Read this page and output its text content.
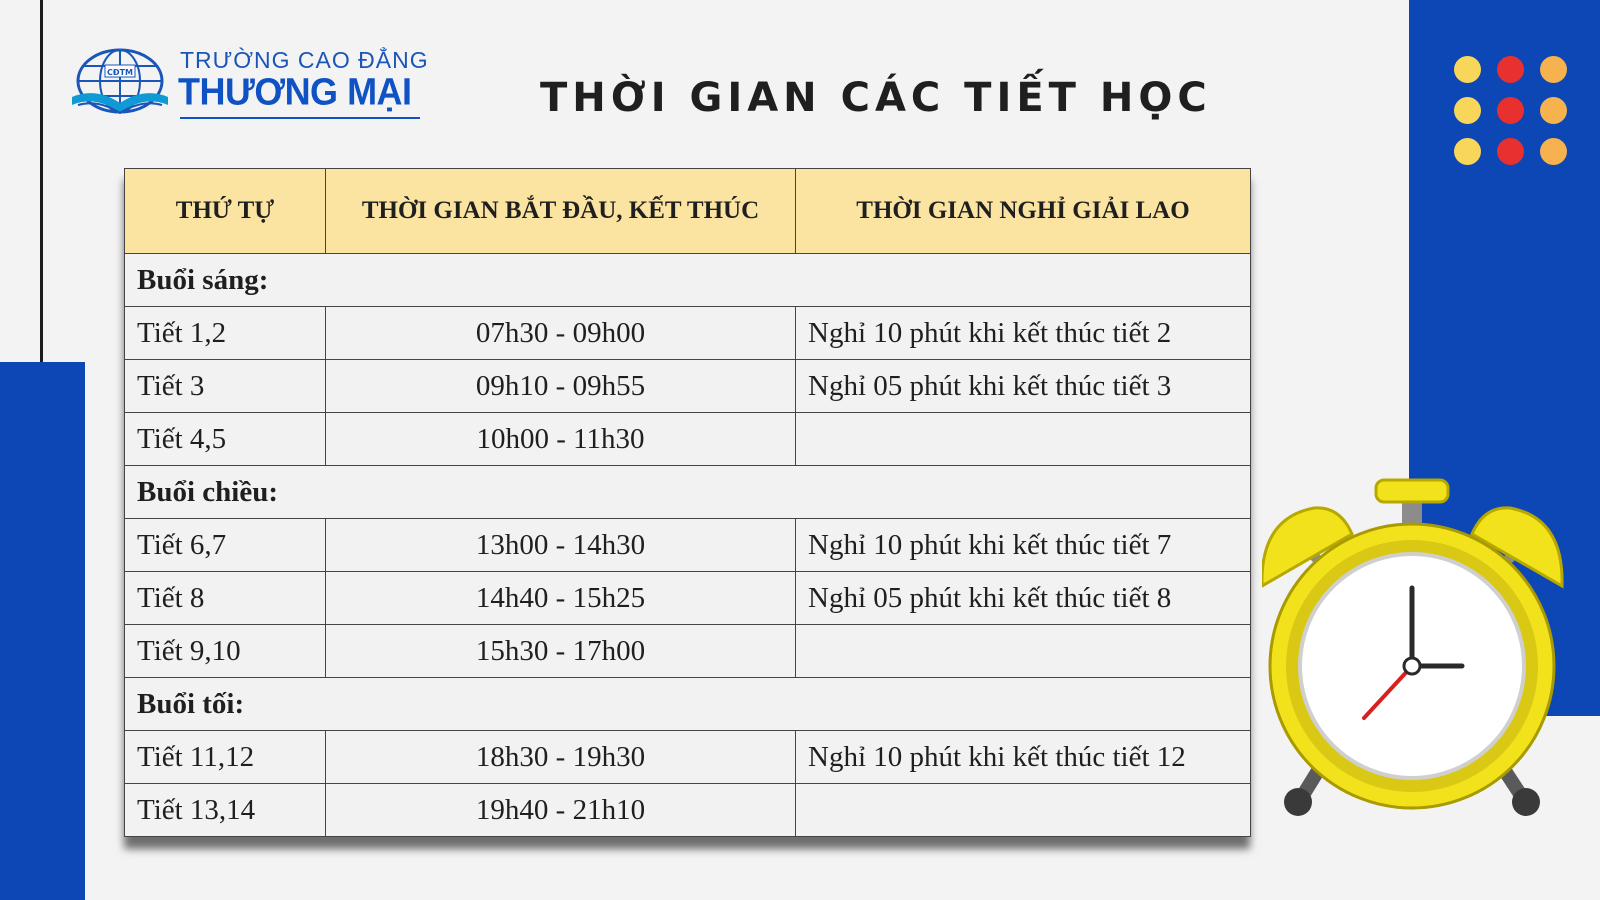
CĐTM TRƯỜNG CAO ĐẲNG
THƯƠNG MẠI	THỜI GIAN CÁC TIẾT HỌC
THỨ TỰ	THỜI GIAN BẮT ĐẦU, KẾT THÚC	THỜI GIAN NGHỈ GIẢI LAO
Buổi sáng:		
Tiết 1,2	07h30 - 09h00	Nghỉ 10 phút khi kết thúc tiết 2
Tiết 3	09h10 - 09h55	Nghỉ 05 phút khi kết thúc tiết 3
Tiết 4,5	10h00 - 11h30	
Buổi chiều:		
Tiết 6,7	13h00 - 14h30	Nghỉ 10 phút khi kết thúc tiết 7
Tiết 8	14h40 - 15h25	Nghỉ 05 phút khi kết thúc tiết 8
Tiết 9,10	15h30 - 17h00	
Buổi tối:		
Tiết 11,12	18h30 - 19h30	Nghỉ 10 phút khi kết thúc tiết 12
Tiết 13,14	19h40 - 21h10	
